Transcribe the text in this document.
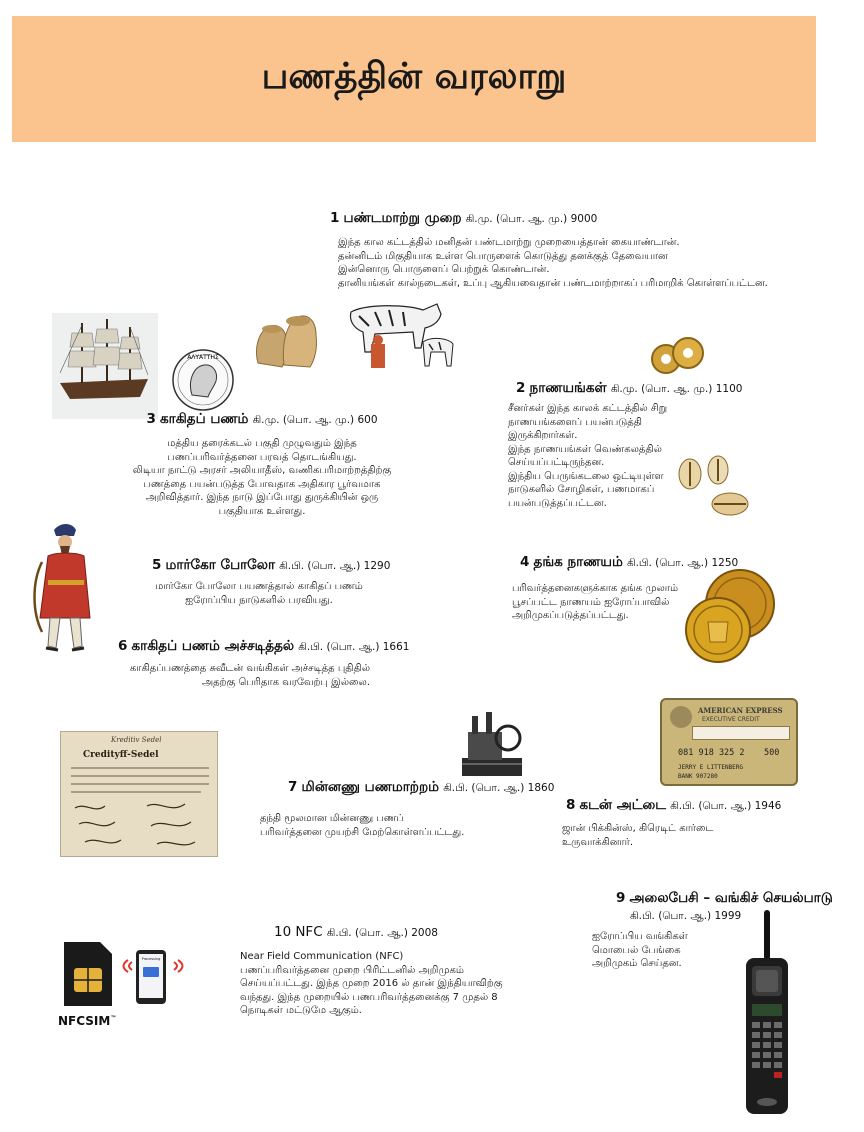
பணத்தின் வரலாறு
1 பண்டமாற்று முறை கி.மு. (பொ. ஆ. மு.) 9000
இந்த கால கட்டத்தில் மனிதன் பண்டமாற்று முறையைத்தான் கையாண்டான்.
தன்னிடம் மிகுதியாக உள்ள பொருளைக் கொடுத்து தனக்குத் தேவையான
இன்னொரு பொருளைப் பெற்றுக் கொண்டான்.
தானியங்கள் கால்நடைகள், உப்பு ஆகியவைதான் பண்டமாற்றாகப் பரிமாறிக் கொள்ளப்பட்டன.
AΛΥΑΤΤΗΣ
2 நாணயங்கள் கி.மு. (பொ. ஆ. மு.) 1100
சீனர்கள் இந்த காலக் கட்டத்தில் சிறு
நாணயங்களைப் பயன்படுத்தி
இருக்கிறார்கள்.
இந்த நாணயங்கள் வெண்கலத்தில்
செய்யப்பட்டிருந்தன.
இந்திய பெருங்கடலை ஒட்டியுள்ள
நாடுகளில் சோழிகள், பணமாகப்
பயன்படுத்தப்பட்டன.
3 காகிதப் பணம் கி.மு. (பொ. ஆ. மு.) 600
மத்திய தரைக்கடல் பகுதி முழுவதும் இந்த
பணப்பரிவர்த்தனை பரவத் தொடங்கியது.
லிடியா நாட்டு அரசர் அலியாதீஸ், வணிகபரிமாற்றத்திற்கு
பணத்தை பயன்படுத்த போவதாக அதிகார பூர்வமாக
அறிவித்தார். இந்த நாடு இப்போது துருக்கியின் ஒரு
பகுதியாக உள்ளது.
5 மார்கோ போலோ கி.பி. (பொ. ஆ.) 1290
மார்கோ போலோ பயணத்தால் காகிதப் பணம்
ஐரோப்பிய நாடுகளில் பரவியது.
4 தங்க நாணயம் கி.பி. (பொ. ஆ.) 1250
பரிவர்த்தனைகளுக்காக தங்க முலாம்
பூசப்பட்ட நாணயம் ஐரோப்பாவில்
அறிமுகப்படுத்தப்பட்டது.
6 காகிதப் பணம் அச்சடித்தல் கி.பி. (பொ. ஆ.) 1661
காகிதப்பணத்தை சுவீடன் வங்கிகள் அச்சடித்த புதிதில்
அதற்கு பெரிதாக வரவேற்பு இல்லை.
AMERICAN EXPRESS
EXECUTIVE CREDIT
081 918 325 2 500
JERRY E LITTENBERG
BANK 907280
Kreditiv Sedel
Credityff-Sedel
7 மின்னணு பணமாற்றம் கி.பி. (பொ. ஆ.) 1860
தந்தி மூலமான மின்னணு பணப்
பரிவர்த்தனை முயற்சி மேற்கொள்ளப்பட்டது.
8 கடன் அட்டை கி.பி. (பொ. ஆ.) 1946
ஜான் பிக்கின்ஸ், கிரெடிட் கார்டை
உருவாக்கினார்.
9 அலைபேசி – வங்கிச் செயல்பாடு
கி.பி. (பொ. ஆ.) 1999
ஐரோப்பிய வங்கிகள்
மொபைல் பேங்கை
அறிமுகம் செய்தன.
10 NFC கி.பி. (பொ. ஆ.) 2008
Near Field Communication (NFC)
பணப்பரிவர்த்தனை முறை பிரிட்டனில் அறிமுகம்
செய்யப்பட்டது. இந்த முறை 2016 ல் தான் இந்தியாவிற்கு
வந்தது. இந்த முறையில் பணபரிவர்த்தனைக்கு 7 முதல் 8
நொடிகள் மட்டுமே ஆகும்.
NFCSIM™
Processing
